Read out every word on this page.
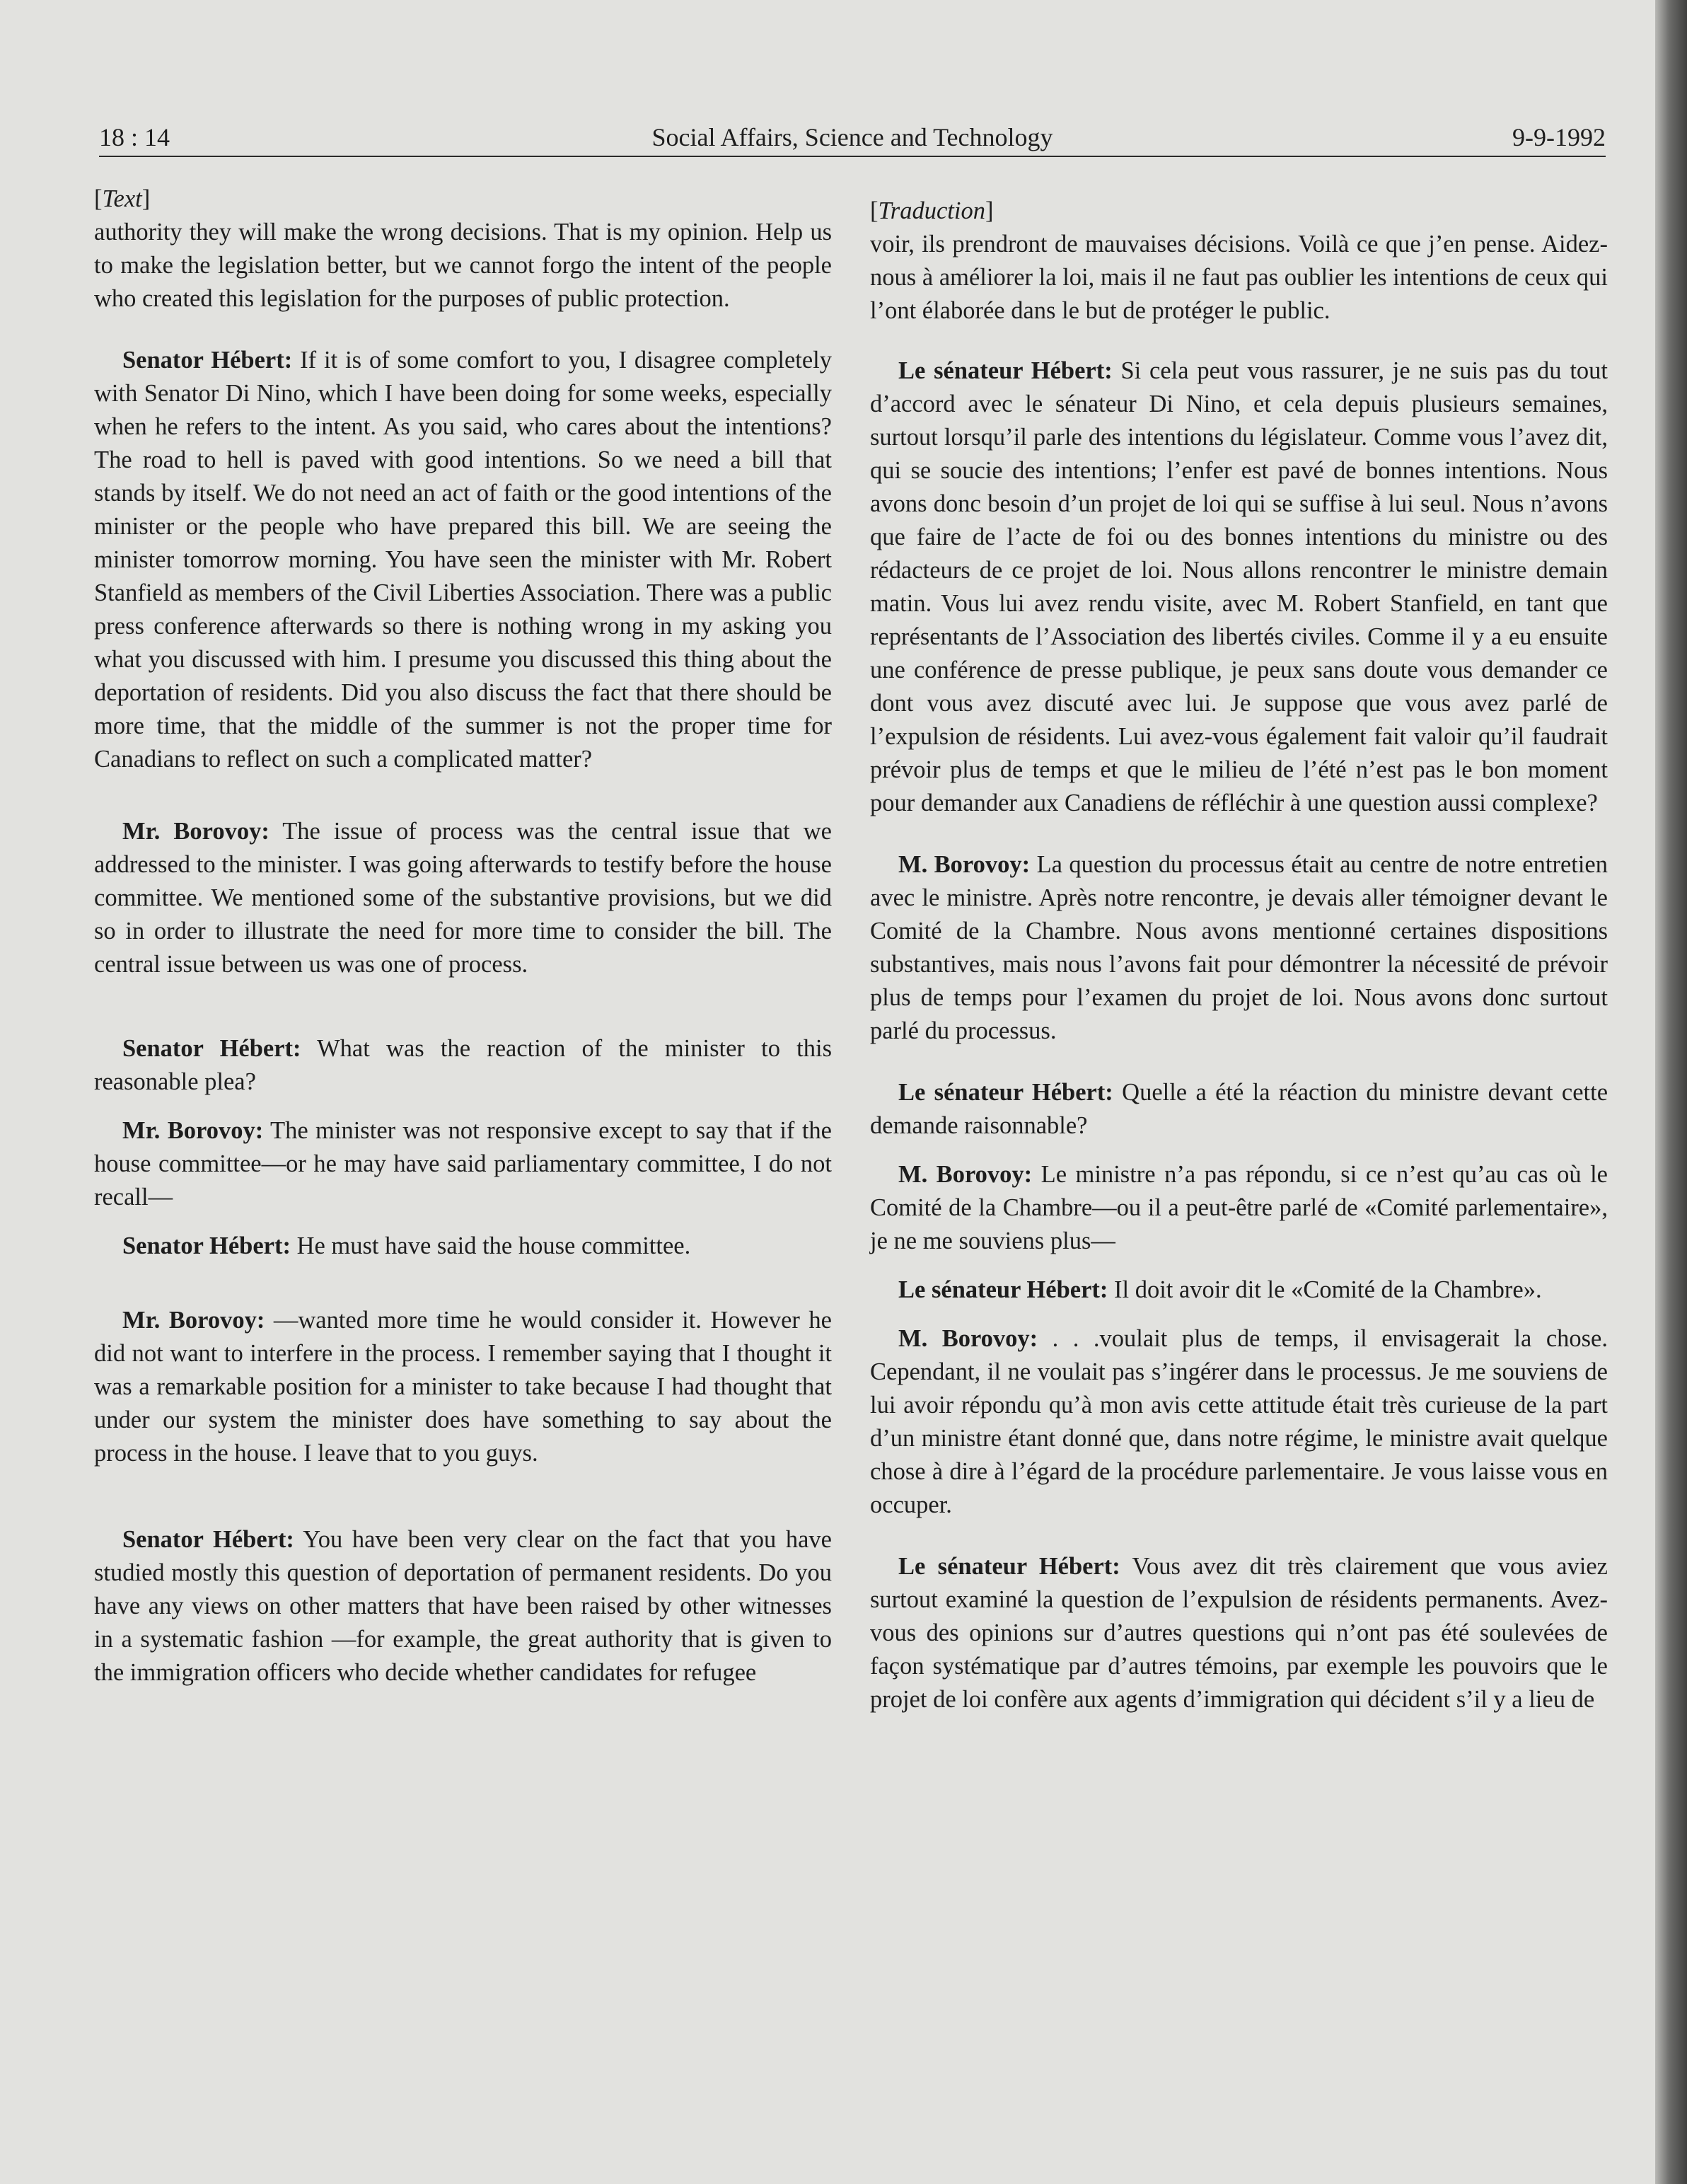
18 : 14	Social Affairs, Science and Technology	9-9-1992
[ Text ]

authority they will make the wrong decisions. That is my opinion. Help us to make the legislation better, but we cannot forgo the intent of the people who created this legislation for the purposes of public protection.

Senator Hébert: If it is of some comfort to you, I disagree completely with Senator Di Nino, which I have been doing for some weeks, especially when he refers to the intent. As you said, who cares about the intentions? The road to hell is paved with good intentions. So we need a bill that stands by itself. We do not need an act of faith or the good intentions of the minister or the people who have prepared this bill. We are seeing the minister tomorrow morning. You have seen the minister with Mr. Robert Stanfield as members of the Civil Liberties Association. There was a public press conference afterwards so there is nothing wrong in my asking you what you discussed with him. I presume you discussed this thing about the deportation of residents. Did you also discuss the fact that there should be more time, that the middle of the summer is not the proper time for Canadians to reflect on such a complicated matter?

Mr. Borovoy: The issue of process was the central issue that we addressed to the minister. I was going afterwards to testify before the house committee. We mentioned some of the substantive provisions, but we did so in order to illustrate the need for more time to consider the bill. The central issue between us was one of process.

Senator Hébert: What was the reaction of the minister to this reasonable plea?

Mr. Borovoy: The minister was not responsive except to say that if the house committee—or he may have said parliamentary committee, I do not recall—

Senator Hébert: He must have said the house committee.

Mr. Borovoy: —wanted more time he would consider it. However he did not want to interfere in the process. I remember saying that I thought it was a remarkable position for a minister to take because I had thought that under our system the minister does have something to say about the process in the house. I leave that to you guys.

Senator Hébert: You have been very clear on the fact that you have studied mostly this question of deportation of permanent residents. Do you have any views on other matters that have been raised by other witnesses in a systematic fashion —for example, the great authority that is given to the immigration officers who decide whether candidates for refugee

[ Traduction ]

voir, ils prendront de mauvaises décisions. Voilà ce que j’en pense. Aidez-nous à améliorer la loi, mais il ne faut pas oublier les intentions de ceux qui l’ont élaborée dans le but de protéger le public.

Le sénateur Hébert: Si cela peut vous rassurer, je ne suis pas du tout d’accord avec le sénateur Di Nino, et cela depuis plusieurs semaines, surtout lorsqu’il parle des intentions du législateur. Comme vous l’avez dit, qui se soucie des intentions; l’enfer est pavé de bonnes intentions. Nous avons donc besoin d’un projet de loi qui se suffise à lui seul. Nous n’avons que faire de l’acte de foi ou des bonnes intentions du ministre ou des rédacteurs de ce projet de loi. Nous allons rencontrer le ministre demain matin. Vous lui avez rendu visite, avec M. Robert Stanfield, en tant que représentants de l’Association des libertés civiles. Comme il y a eu ensuite une conférence de presse publique, je peux sans doute vous demander ce dont vous avez discuté avec lui. Je suppose que vous avez parlé de l’expulsion de résidents. Lui avez-vous également fait valoir qu’il faudrait prévoir plus de temps et que le milieu de l’été n’est pas le bon moment pour demander aux Canadiens de réfléchir à une question aussi complexe?

M. Borovoy: La question du processus était au centre de notre entretien avec le ministre. Après notre rencontre, je devais aller témoigner devant le Comité de la Chambre. Nous avons mentionné certaines dispositions substantives, mais nous l’avons fait pour démontrer la nécessité de prévoir plus de temps pour l’examen du projet de loi. Nous avons donc surtout parlé du processus.

Le sénateur Hébert: Quelle a été la réaction du ministre devant cette demande raisonnable?

M. Borovoy: Le ministre n’a pas répondu, si ce n’est qu’au cas où le Comité de la Chambre—ou il a peut-être parlé de «Comité parlementaire», je ne me souviens plus—

Le sénateur Hébert: Il doit avoir dit le «Comité de la Chambre».

M. Borovoy: . . .voulait plus de temps, il envisagerait la chose. Cependant, il ne voulait pas s’ingérer dans le processus. Je me souviens de lui avoir répondu qu’à mon avis cette attitude était très curieuse de la part d’un ministre étant donné que, dans notre régime, le ministre avait quelque chose à dire à l’égard de la procédure parlementaire. Je vous laisse vous en occuper.

Le sénateur Hébert: Vous avez dit très clairement que vous aviez surtout examiné la question de l’expulsion de résidents permanents. Avez-vous des opinions sur d’autres questions qui n’ont pas été soulevées de façon systématique par d’autres témoins, par exemple les pouvoirs que le projet de loi confère aux agents d’immigration qui décident s’il y a lieu de
